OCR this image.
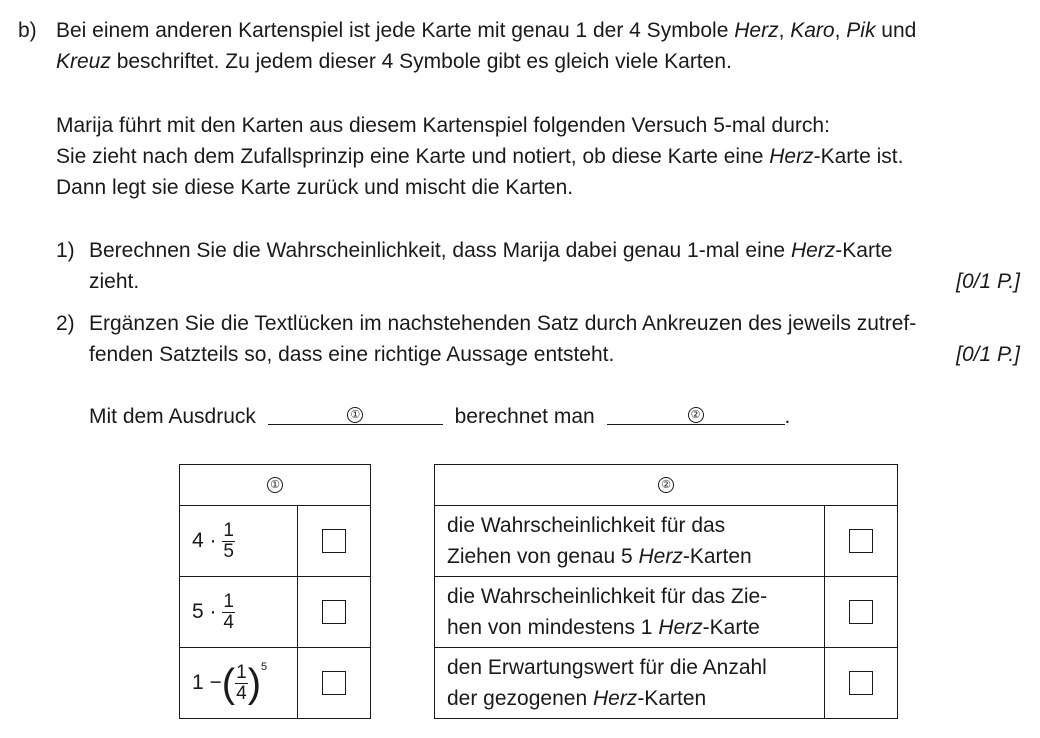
b) Bei einem anderen Kartenspiel ist jede Karte mit genau 1 der 4 Symbole Herz, Karo, Pik und
Kreuz beschriftet. Zu jedem dieser 4 Symbole gibt es gleich viele Karten.
Marija führt mit den Karten aus diesem Kartenspiel folgenden Versuch 5-mal durch:
Sie zieht nach dem Zufallsprinzip eine Karte und notiert, ob diese Karte eine Herz-Karte ist.
Dann legt sie diese Karte zurück und mischt die Karten.
1) Berechnen Sie die Wahrscheinlichkeit, dass Marija dabei genau 1-mal eine Herz-Karte
zieht.	[0/1 P.]
2) Ergänzen Sie die Textlücken im nachstehenden Satz durch Ankreuzen des jeweils zutref-
fenden Satzteils so, dass eine richtige Aussage entsteht.	[0/1 P.]
Mit dem Ausdruck	①	berechnet man	②	.
①	
$4 \cdot \frac{1}{5}$

$5 \cdot \frac{1}{4}$

1 −( $\frac{1}{4} )^5$	
②	

die Wahrscheinlichkeit für das
Ziehen von genau 5 Herz-Karten	

die Wahrscheinlichkeit für das Zie-
hen von mindestens 1 Herz-Karte	

den Erwartungswert für die Anzahl
der gezogenen Herz-Karten	
